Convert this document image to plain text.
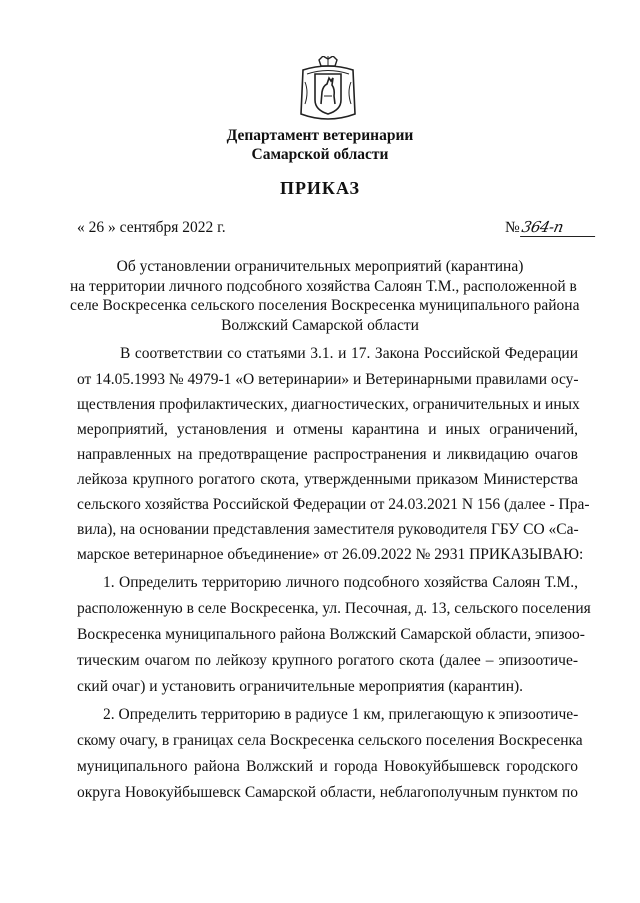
Департамент ветеринарии
Самарской области
ПРИКАЗ
« 26 » сентября 2022 г.	№364-п
Об установлении ограничительных мероприятий (карантина)
на территории личного подсобного хозяйства Салоян Т.М., расположенной в
селе Воскресенка сельского поселения Воскресенка муниципального района
Волжский Самарской области
В соответствии со статьями 3.1. и 17. Закона Российской Федерации
от 14.05.1993 № 4979-1 «О ветеринарии» и Ветеринарными правилами осу-
ществления профилактических, диагностических, ограничительных и иных
мероприятий, установления и отмены карантина и иных ограничений,
направленных на предотвращение распространения и ликвидацию очагов
лейкоза крупного рогатого скота, утвержденными приказом Министерства
сельского хозяйства Российской Федерации от 24.03.2021 N 156 (далее - Пра-
вила), на основании представления заместителя руководителя ГБУ СО «Са-
марское ветеринарное объединение» от 26.09.2022 № 2931 ПРИКАЗЫВАЮ:
1. Определить территорию личного подсобного хозяйства Салоян Т.М.,
расположенную в селе Воскресенка, ул. Песочная, д. 13, сельского поселения
Воскресенка муниципального района Волжский Самарской области, эпизоо-
тическим очагом по лейкозу крупного рогатого скота (далее – эпизоотиче-
ский очаг) и установить ограничительные мероприятия (карантин).
2. Определить территорию в радиусе 1 км, прилегающую к эпизоотиче-
скому очагу, в границах села Воскресенка сельского поселения Воскресенка
муниципального района Волжский и города Новокуйбышевск городского
округа Новокуйбышевск Самарской области, неблагополучным пунктом по
